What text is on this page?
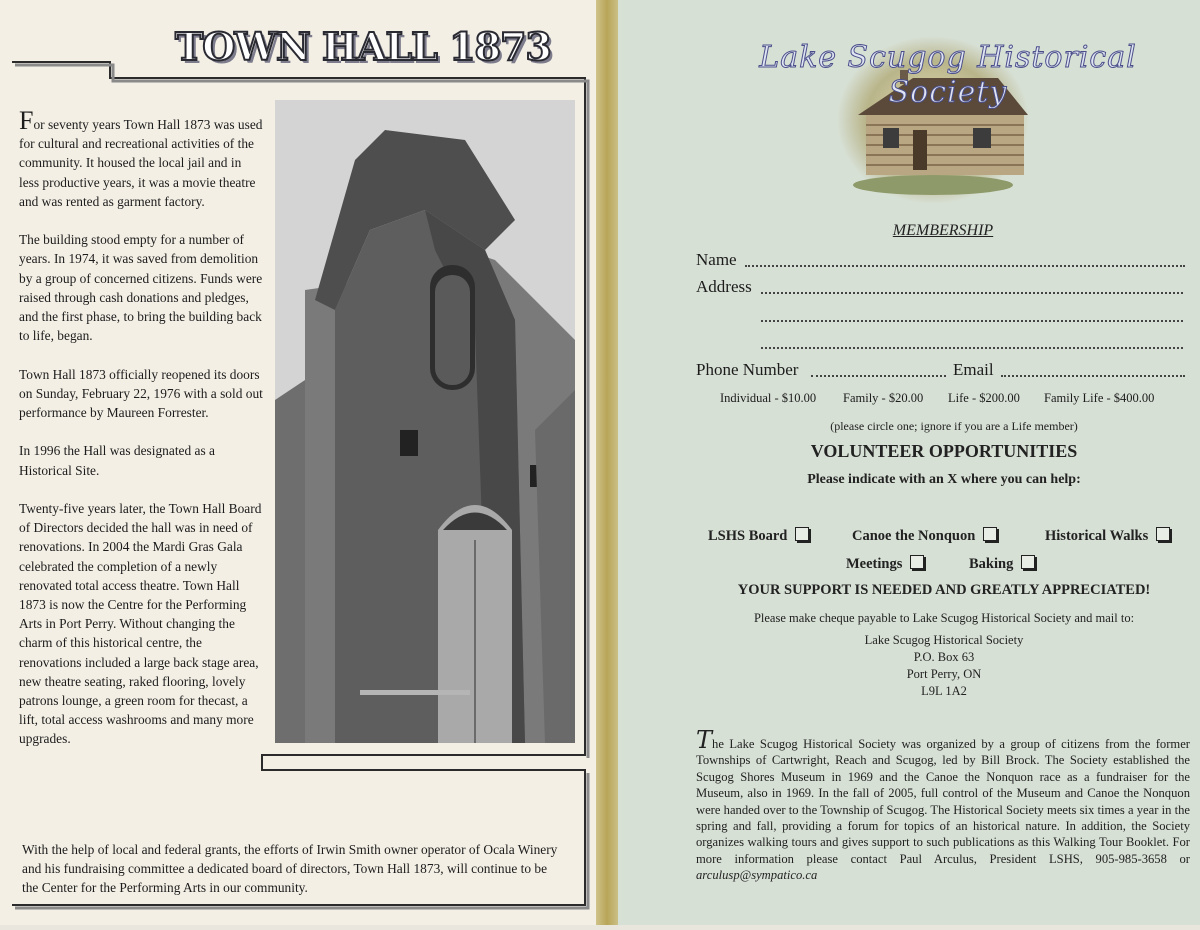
TOWN HALL 1873

For seventy years Town Hall 1873 was used for cultural and recreational activities of the community. It housed the local jail and in less productive years, it was a movie theatre and was rented as garment factory.

The building stood empty for a number of years. In 1974, it was saved from demolition by a group of concerned citizens. Funds were raised through cash donations and pledges, and the first phase, to bring the building back to life, began.

Town Hall 1873 officially reopened its doors on Sunday, February 22, 1976 with a sold out performance by Maureen Forrester.

In 1996 the Hall was designated as a Historical Site.

Twenty-five years later, the Town Hall Board of Directors decided the hall was in need of renovations. In 2004 the Mardi Gras Gala celebrated the completion of a newly renovated total access theatre. Town Hall 1873 is now the Centre for the Performing Arts in Port Perry. Without changing the charm of this historical centre, the renovations included a large back stage area, new theatre seating, raked flooring, lovely patrons lounge, a green room for thecast, a lift, total access washrooms and many more upgrades.

With the help of local and federal grants, the efforts of Irwin Smith owner operator of Ocala Winery and his fundraising committee a dedicated board of directors, Town Hall 1873, will continue to be the Center for the Performing Arts in our community.
Lake Scugog Historical Society
MEMBERSHIP
Name
Address
Phone Number	Email
Individual - $10.00 Family - $20.00 Life - $200.00 Family Life - $400.00
(please circle one; ignore if you are a Life member)
VOLUNTEER OPPORTUNITIES
Please indicate with an X where you can help:
LSHS Board	Canoe the Nonquon	Historical Walks
Meetings	Baking
YOUR SUPPORT IS NEEDED AND GREATLY APPRECIATED!
Please make cheque payable to Lake Scugog Historical Society and mail to:
Lake Scugog Historical Society
P.O. Box 63
Port Perry, ON
L9L 1A2
The Lake Scugog Historical Society was organized by a group of citizens from the former Townships of Cartwright, Reach and Scugog, led by Bill Brock. The Society established the Scugog Shores Museum in 1969 and the Canoe the Nonquon race as a fundraiser for the Museum, also in 1969. In the fall of 2005, full control of the Museum and Canoe the Nonquon were handed over to the Township of Scugog. The Historical Society meets six times a year in the spring and fall, providing a forum for topics of an historical nature. In addition, the Society organizes walking tours and gives support to such publications as this Walking Tour Booklet. For more information please contact Paul Arculus, President LSHS, 905-985-3658 or arculusp@sympatico.ca
